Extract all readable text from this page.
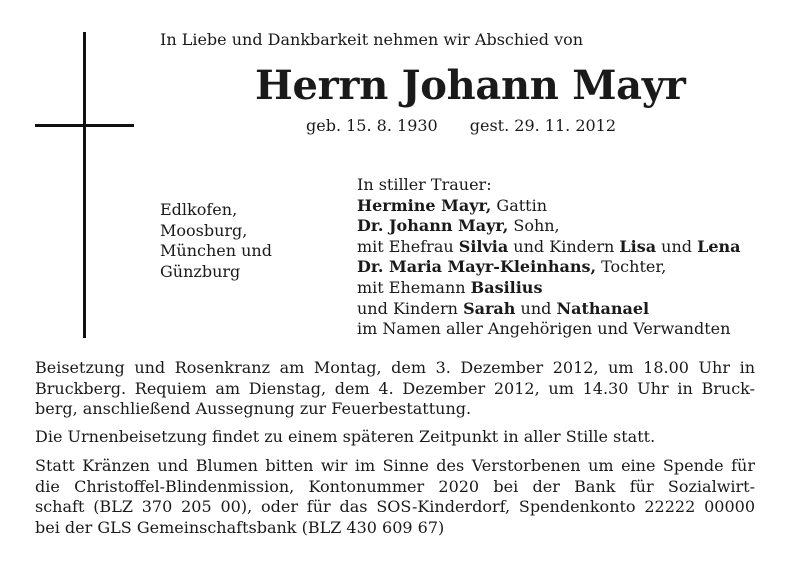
In Liebe und Dankbarkeit nehmen wir Abschied von
Herrn Johann Mayr
geb. 15. 8. 1930 gest. 29. 11. 2012
Edlkofen,
Moosburg,
München und
Günzburg
In stiller Trauer:
Hermine Mayr, Gattin
Dr. Johann Mayr, Sohn,
mit Ehefrau Silvia und Kindern Lisa und Lena
Dr. Maria Mayr-Kleinhans, Tochter,
mit Ehemann Basilius
und Kindern Sarah und Nathanael
im Namen aller Angehörigen und Verwandten
Beisetzung und Rosenkranz am Montag, dem 3. Dezember 2012, um 18.00 Uhr in
Bruckberg. Requiem am Dienstag, dem 4. Dezember 2012, um 14.30 Uhr in Bruck-
berg, anschließend Aussegnung zur Feuerbestattung.
Die Urnenbeisetzung findet zu einem späteren Zeitpunkt in aller Stille statt.
Statt Kränzen und Blumen bitten wir im Sinne des Verstorbenen um eine Spende für
die Christoffel-Blindenmission, Kontonummer 2020 bei der Bank für Sozialwirt-
schaft (BLZ 370 205 00), oder für das SOS-Kinderdorf, Spendenkonto 22222 00000
bei der GLS Gemeinschaftsbank (BLZ 430 609 67)
